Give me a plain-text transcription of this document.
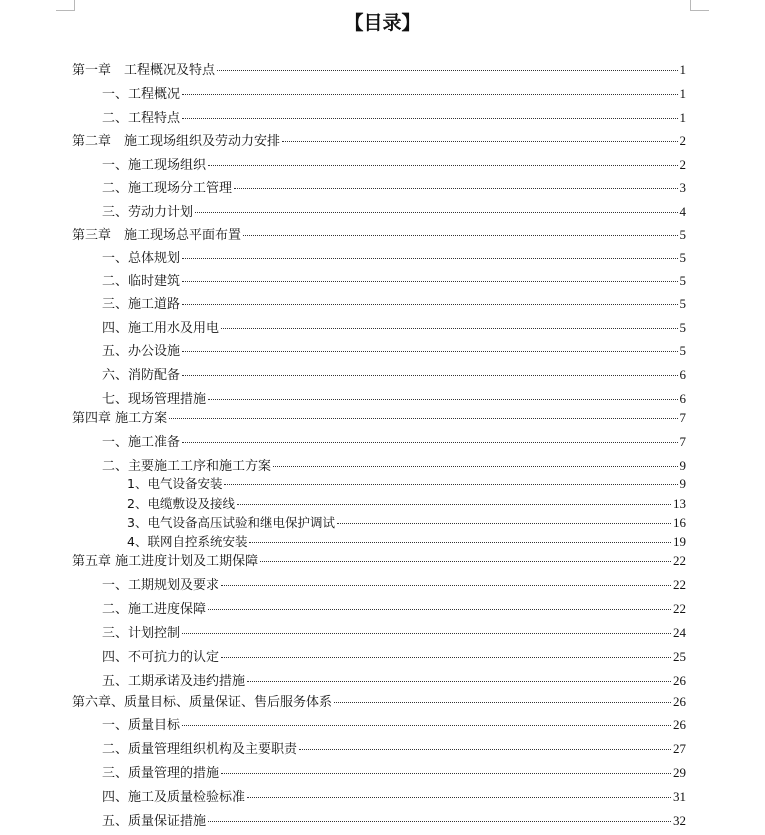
【目录】
第一章　工程概况及特点	1
一、工程概况	1
二、工程特点	1
第二章　施工现场组织及劳动力安排	2
一、施工现场组织	2
二、施工现场分工管理	3
三、劳动力计划	4
第三章　施工现场总平面布置	5
一、总体规划	5
二、临时建筑	5
三、施工道路	5
四、施工用水及用电	5
五、办公设施	5
六、消防配备	6
七、现场管理措施	6
第四章 施工方案	7
一、施工准备	7
二、主要施工工序和施工方案	9
1、电气设备安装	9
2、电缆敷设及接线	13
3、电气设备高压试验和继电保护调试	16
4、联网自控系统安装	19
第五章 施工进度计划及工期保障	22
一、工期规划及要求	22
二、施工进度保障	22
三、计划控制	24
四、不可抗力的认定	25
五、工期承诺及违约措施	26
第六章、质量目标、质量保证、售后服务体系	26
一、质量目标	26
二、质量管理组织机构及主要职责	27
三、质量管理的措施	29
四、施工及质量检验标准	31
五、质量保证措施	32
